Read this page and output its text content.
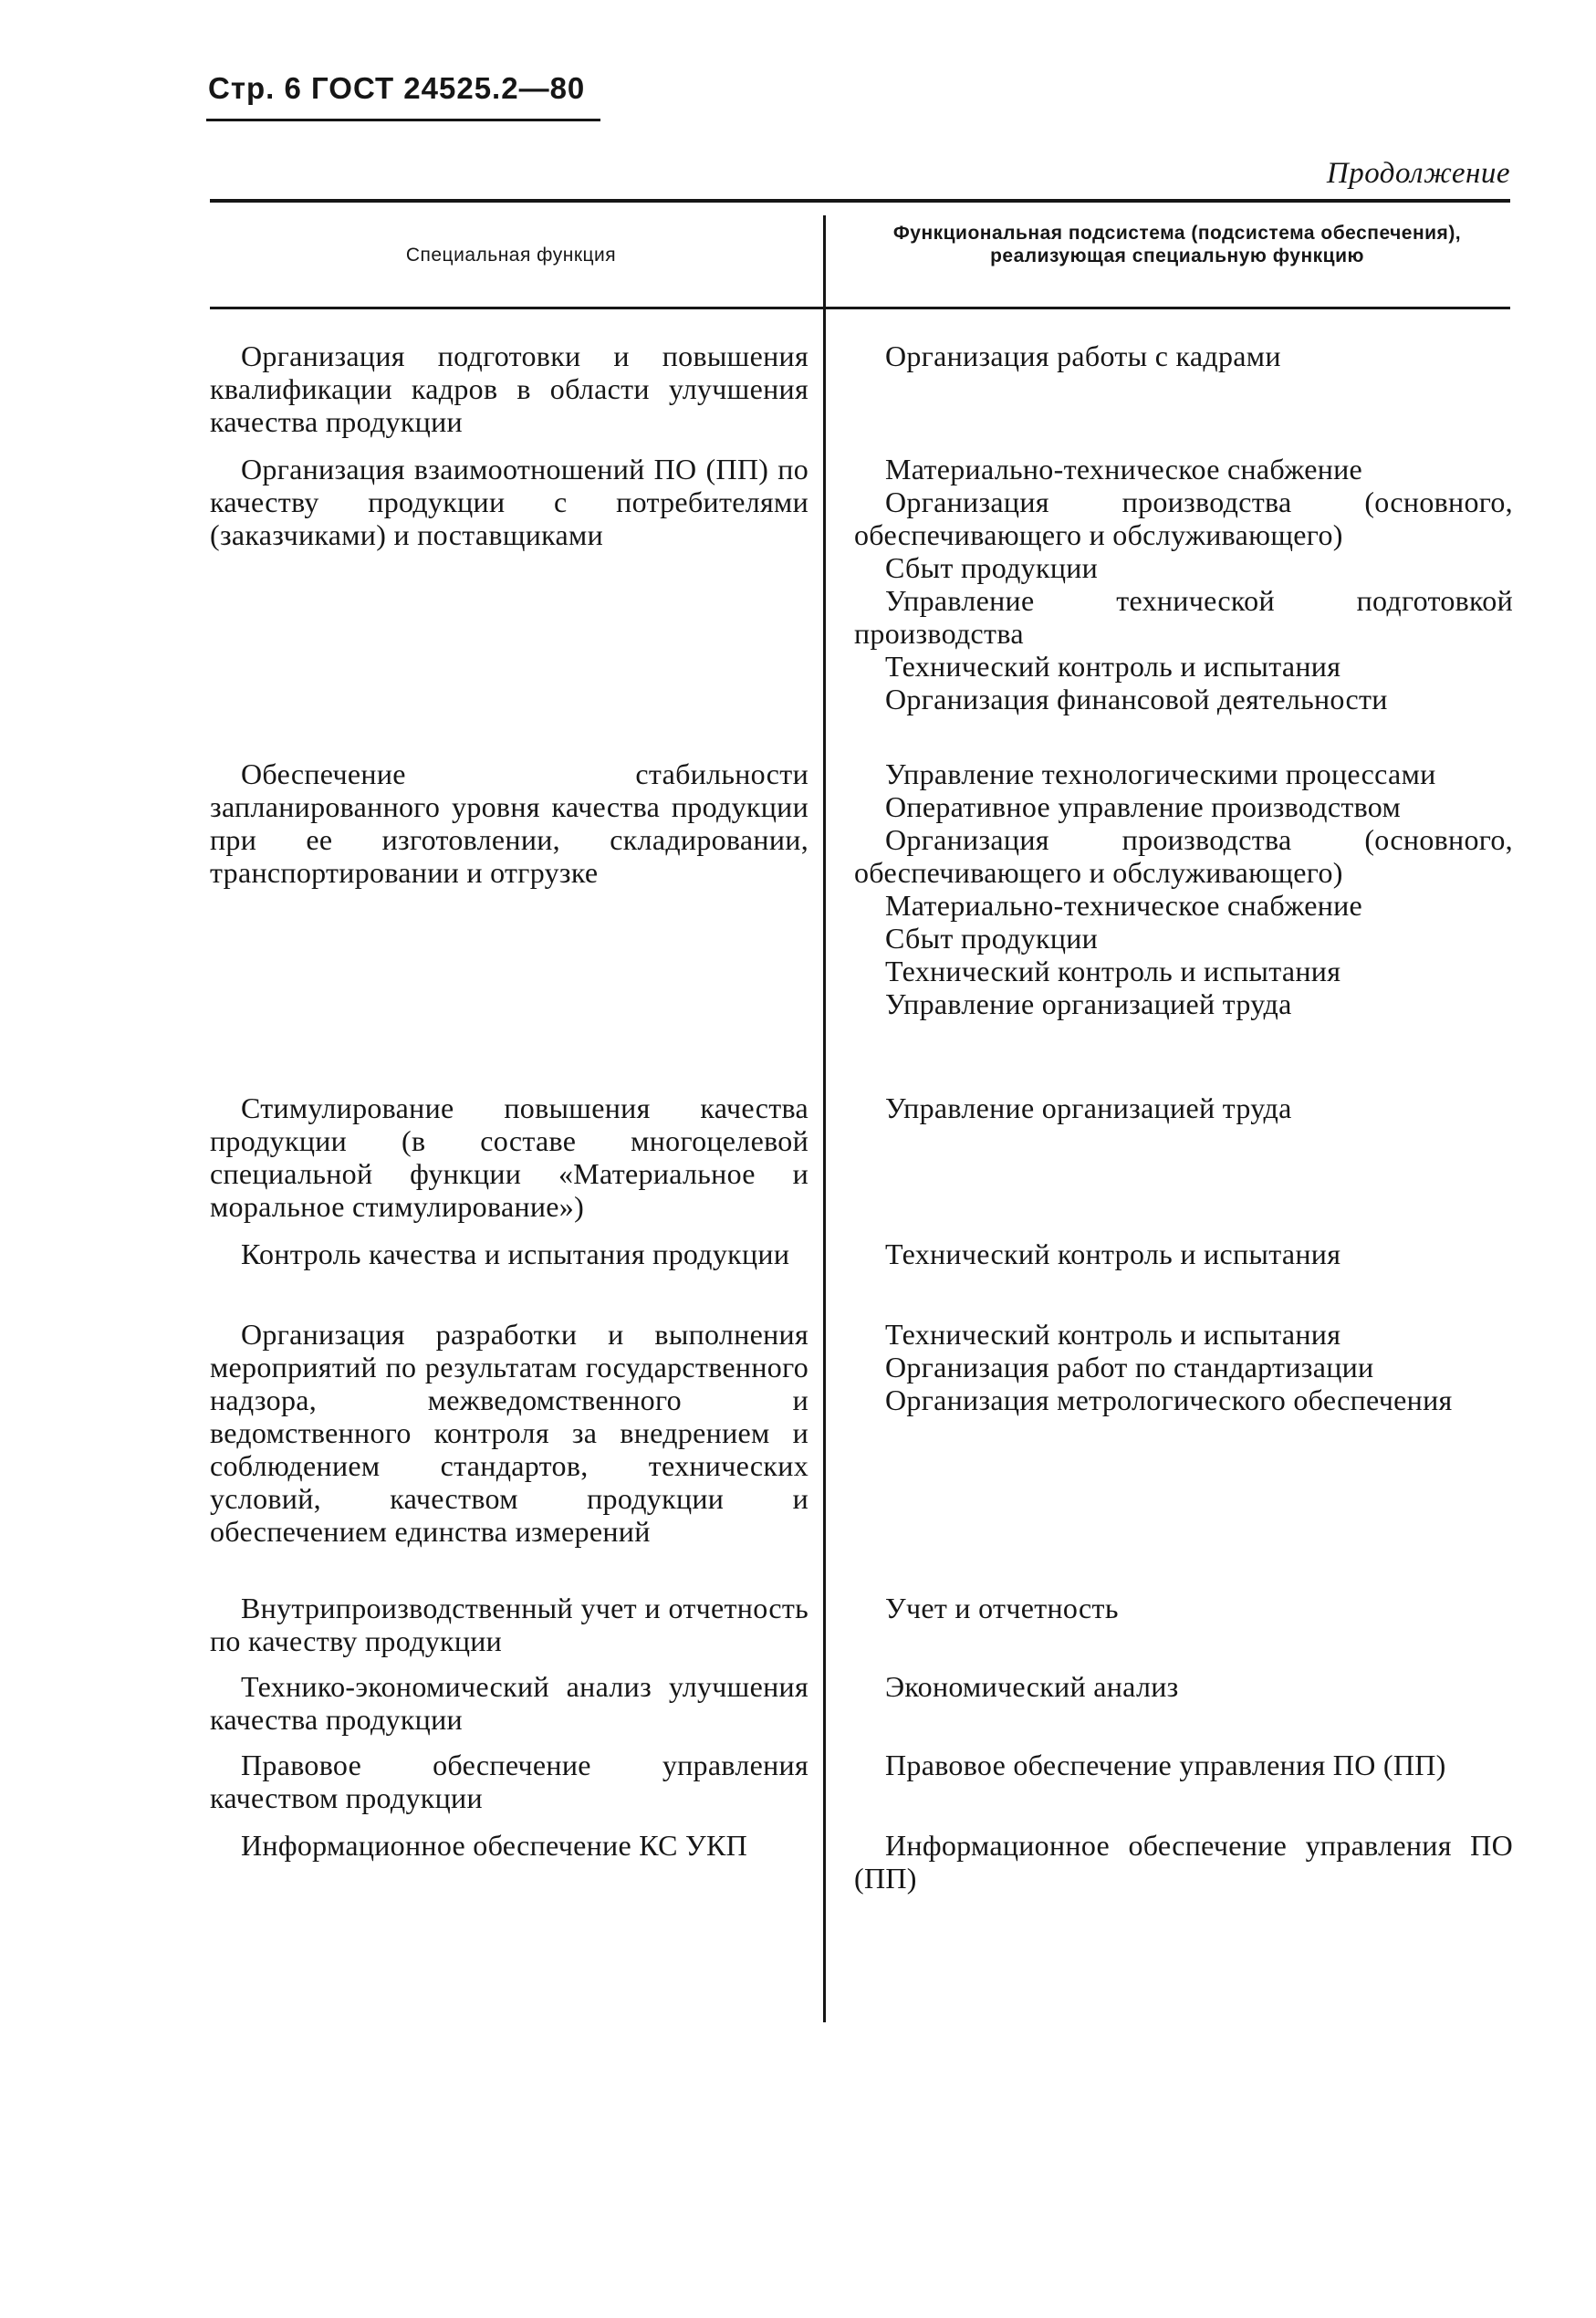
Стр. 6 ГОСТ 24525.2—80
Продолжение
Специальная функция
Функциональная подсистема (подсистема обеспечения), реализующая специальную функцию
Организация подготовки и повышения квалификации кадров в области улучшения качества продукции
Организация работы с кадрами
Организация взаимоотношений ПО (ПП) по качеству продукции с потребителями (заказчиками) и поставщиками
Материально-техническое снабжение
Организация производства (основного, обеспечивающего и обслуживающего)
Сбыт продукции
Управление технической подготовкой производства
Технический контроль и испытания
Организация финансовой деятельности
Обеспечение стабильности запланированного уровня качества продукции при ее изготовлении, складировании, транспортировании и отгрузке
Управление технологическими процессами
Оперативное управление производством
Организация производства (основного, обеспечивающего и обслуживающего)
Материально-техническое снабжение
Сбыт продукции
Технический контроль и испытания
Управление организацией труда
Стимулирование повышения качества продукции (в составе многоцелевой специальной функции «Материальное и моральное стимулирование»)
Управление организацией труда
Контроль качества и испытания продукции	Технический контроль и испытания
Организация разработки и выполнения мероприятий по результатам государственного надзора, межведомственного и ведомственного контроля за внедрением и соблюдением стандартов, технических условий, качеством продукции и обеспечением единства измерений
Технический контроль и испытания
Организация работ по стандартизации
Организация метрологического обеспечения
Внутрипроизводственный учет и отчетность по качеству продукции
Учет и отчетность
Технико-экономический анализ улучшения качества продукции
Экономический анализ
Правовое обеспечение управления качеством продукции
Правовое обеспечение управления ПО (ПП)
Информационное обеспечение КС УКП	Информационное обеспечение управления ПО (ПП)
